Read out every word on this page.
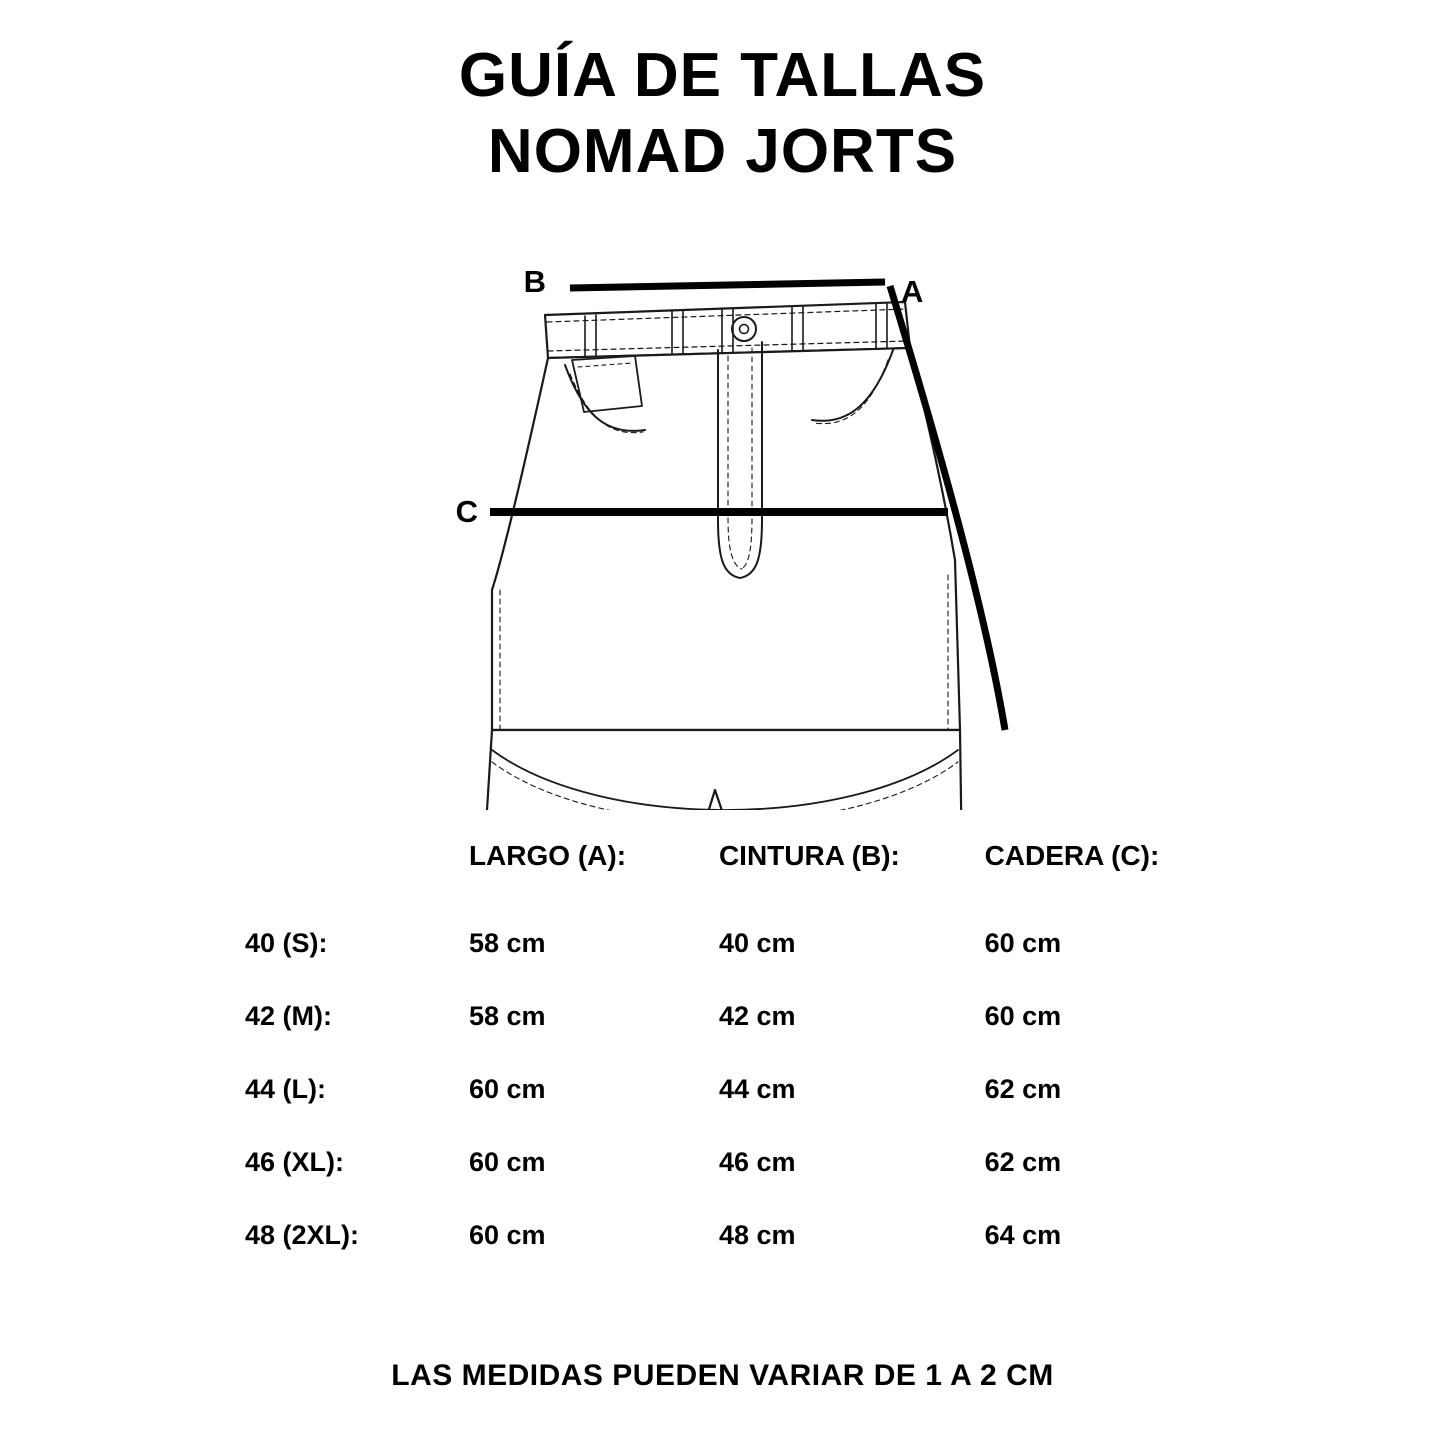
GUÍA DE TALLAS
NOMAD JORTS
B	A
C
	LARGO (A):	CINTURA (B):	CADERA (C):
40 (S):	58 cm	40 cm	60 cm
42 (M):	58 cm	42 cm	60 cm
44 (L):	60 cm	44 cm	62 cm
46 (XL):	60 cm	46 cm	62 cm
48 (2XL):	60 cm	48 cm	64 cm
LAS MEDIDAS PUEDEN VARIAR DE 1 A 2 CM
